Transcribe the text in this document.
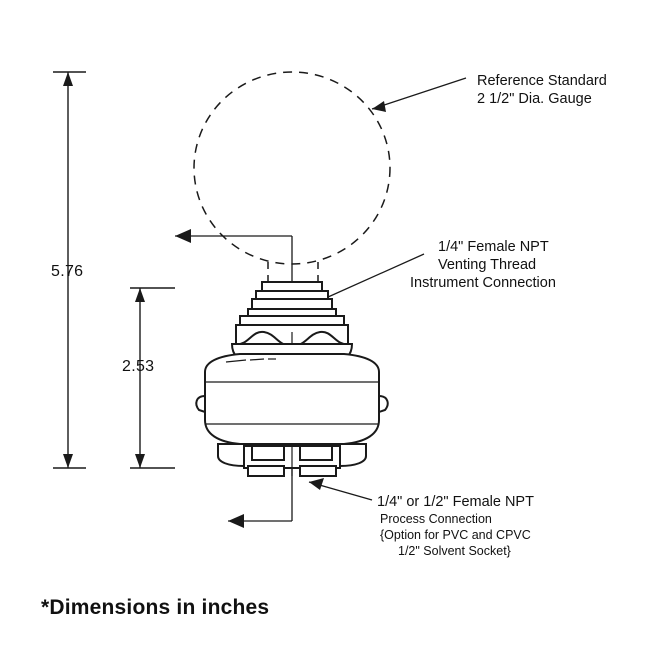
5.76
2.53
Reference Standard
2 1/2" Dia. Gauge
1/4" Female NPT
Venting Thread
Instrument Connection
1/4" or 1/2" Female NPT
Process Connection
{Option for PVC and CPVC
1/2" Solvent Socket}
*Dimensions in inches
